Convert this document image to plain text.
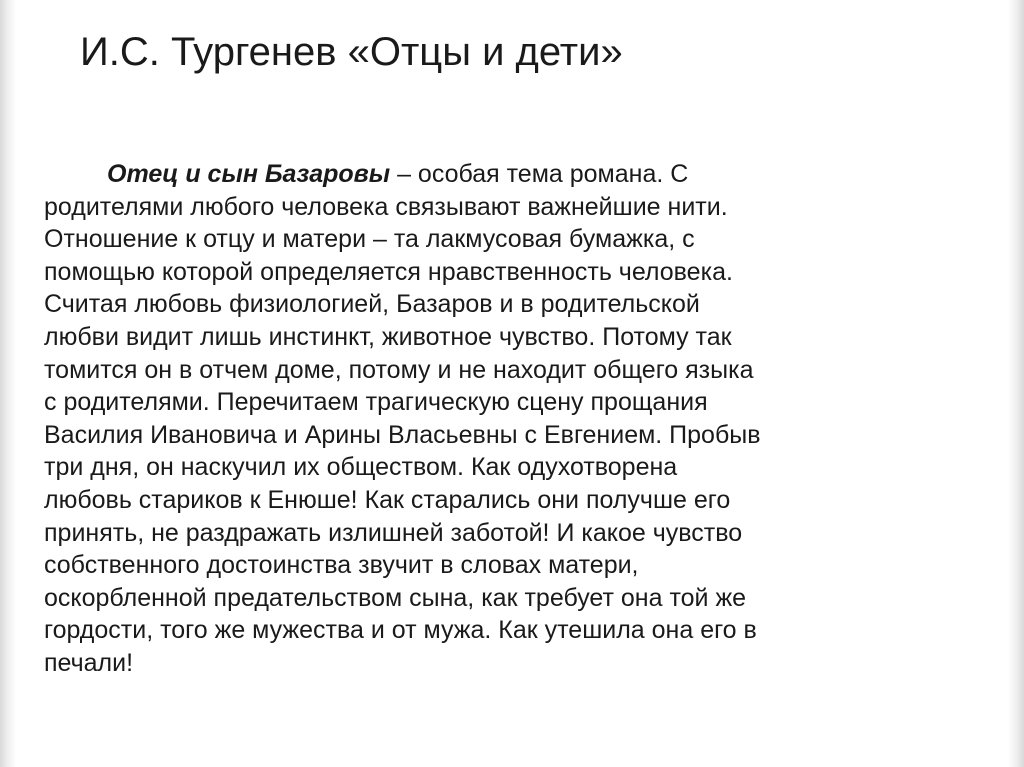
И.С. Тургенев «Отцы и дети»
Отец и сын Базаровы – особая тема романа. С
родителями любого человека связывают важнейшие нити.
Отношение к отцу и матери – та лакмусовая бумажка, с
помощью которой определяется нравственность человека.
Считая любовь физиологией, Базаров и в родительской
любви видит лишь инстинкт, животное чувство. Потому так
томится он в отчем доме, потому и не находит общего языка
с родителями. Перечитаем трагическую сцену прощания
Василия Ивановича и Арины Власьевны с Евгением. Пробыв
три дня, он наскучил их обществом. Как одухотворена
любовь стариков к Енюше! Как старались они получше его
принять, не раздражать излишней заботой! И какое чувство
собственного достоинства звучит в словах матери,
оскорбленной предательством сына, как требует она той же
гордости, того же мужества и от мужа. Как утешила она его в
печали!
